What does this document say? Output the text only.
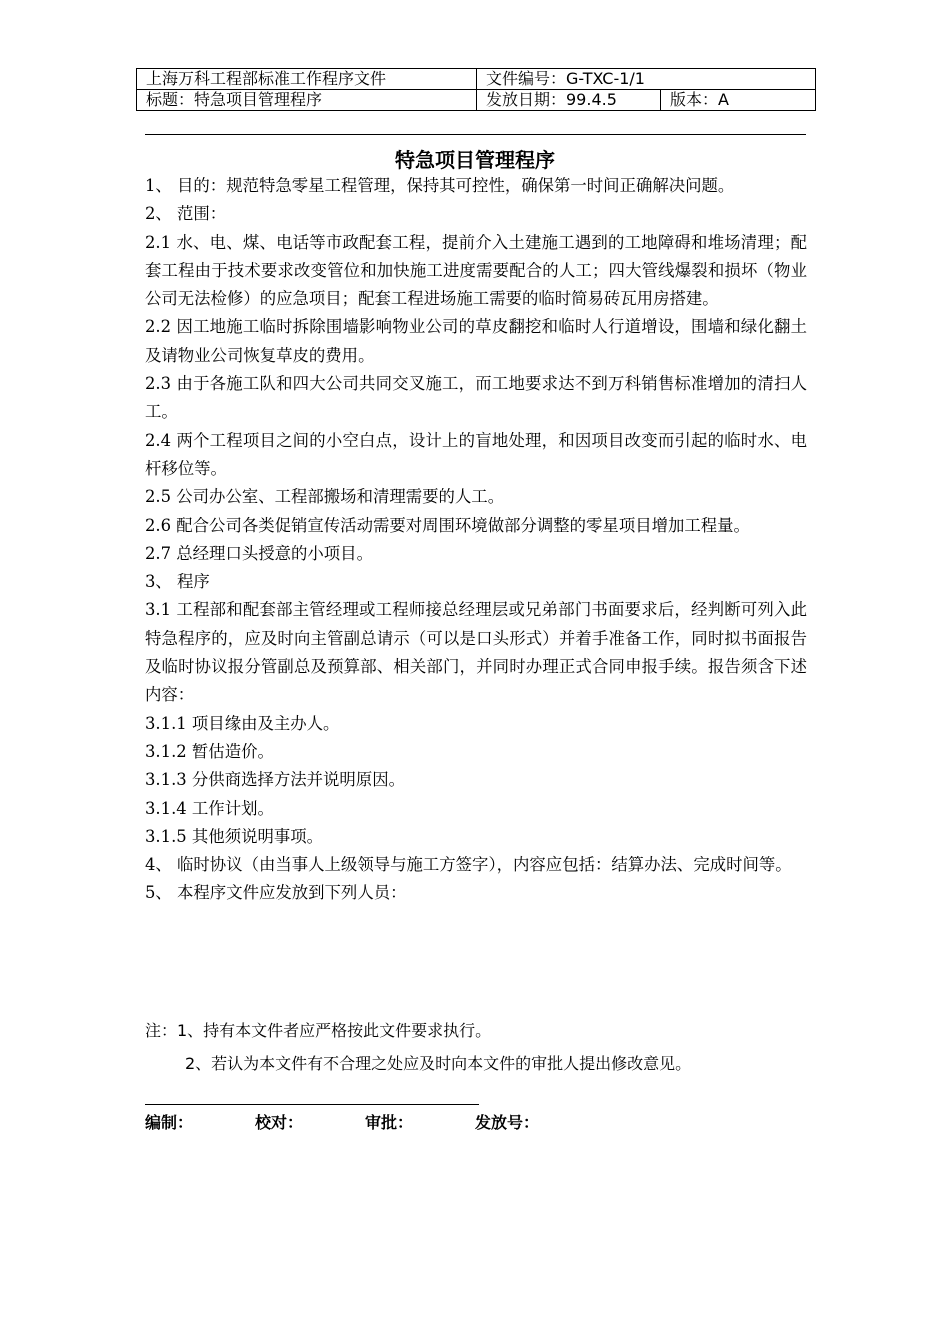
上海万科工程部标准工作程序文件	文件编号：G-TXC-1/1	
标题：特急项目管理程序	发放日期：99.4.5	版本：A
特急项目管理程序

1、 目的：规范特急零星工程管理，保持其可控性，确保第一时间正确解决问题。

2、 范围：

2.1 水、电、煤、电话等市政配套工程，提前介入土建施工遇到的工地障碍和堆场清理；配套工程由于技术要求改变管位和加快施工进度需要配合的人工；四大管线爆裂和损坏（物业公司无法检修）的应急项目；配套工程进场施工需要的临时简易砖瓦用房搭建。

2.2 因工地施工临时拆除围墙影响物业公司的草皮翻挖和临时人行道增设，围墙和绿化翻土及请物业公司恢复草皮的费用。

2.3 由于各施工队和四大公司共同交叉施工，而工地要求达不到万科销售标准增加的清扫人工。

2.4 两个工程项目之间的小空白点，设计上的盲地处理，和因项目改变而引起的临时水、电杆移位等。

2.5 公司办公室、工程部搬场和清理需要的人工。

2.6 配合公司各类促销宣传活动需要对周围环境做部分调整的零星项目增加工程量。

2.7 总经理口头授意的小项目。

3、 程序

3.1 工程部和配套部主管经理或工程师接总经理层或兄弟部门书面要求后，经判断可列入此特急程序的，应及时向主管副总请示（可以是口头形式）并着手准备工作，同时拟书面报告及临时协议报分管副总及预算部、相关部门，并同时办理正式合同申报手续。报告须含下述内容：

3.1.1 项目缘由及主办人。

3.1.2 暂估造价。

3.1.3 分供商选择方法并说明原因。

3.1.4 工作计划。

3.1.5 其他须说明事项。

4、 临时协议（由当事人上级领导与施工方签字），内容应包括：结算办法、完成时间等。

5、 本程序文件应发放到下列人员：

注：1、持有本文件者应严格按此文件要求执行。
2、若认为本文件有不合理之处应及时向本文件的审批人提出修改意见。
编制：	校对：	审批：	发放号：
